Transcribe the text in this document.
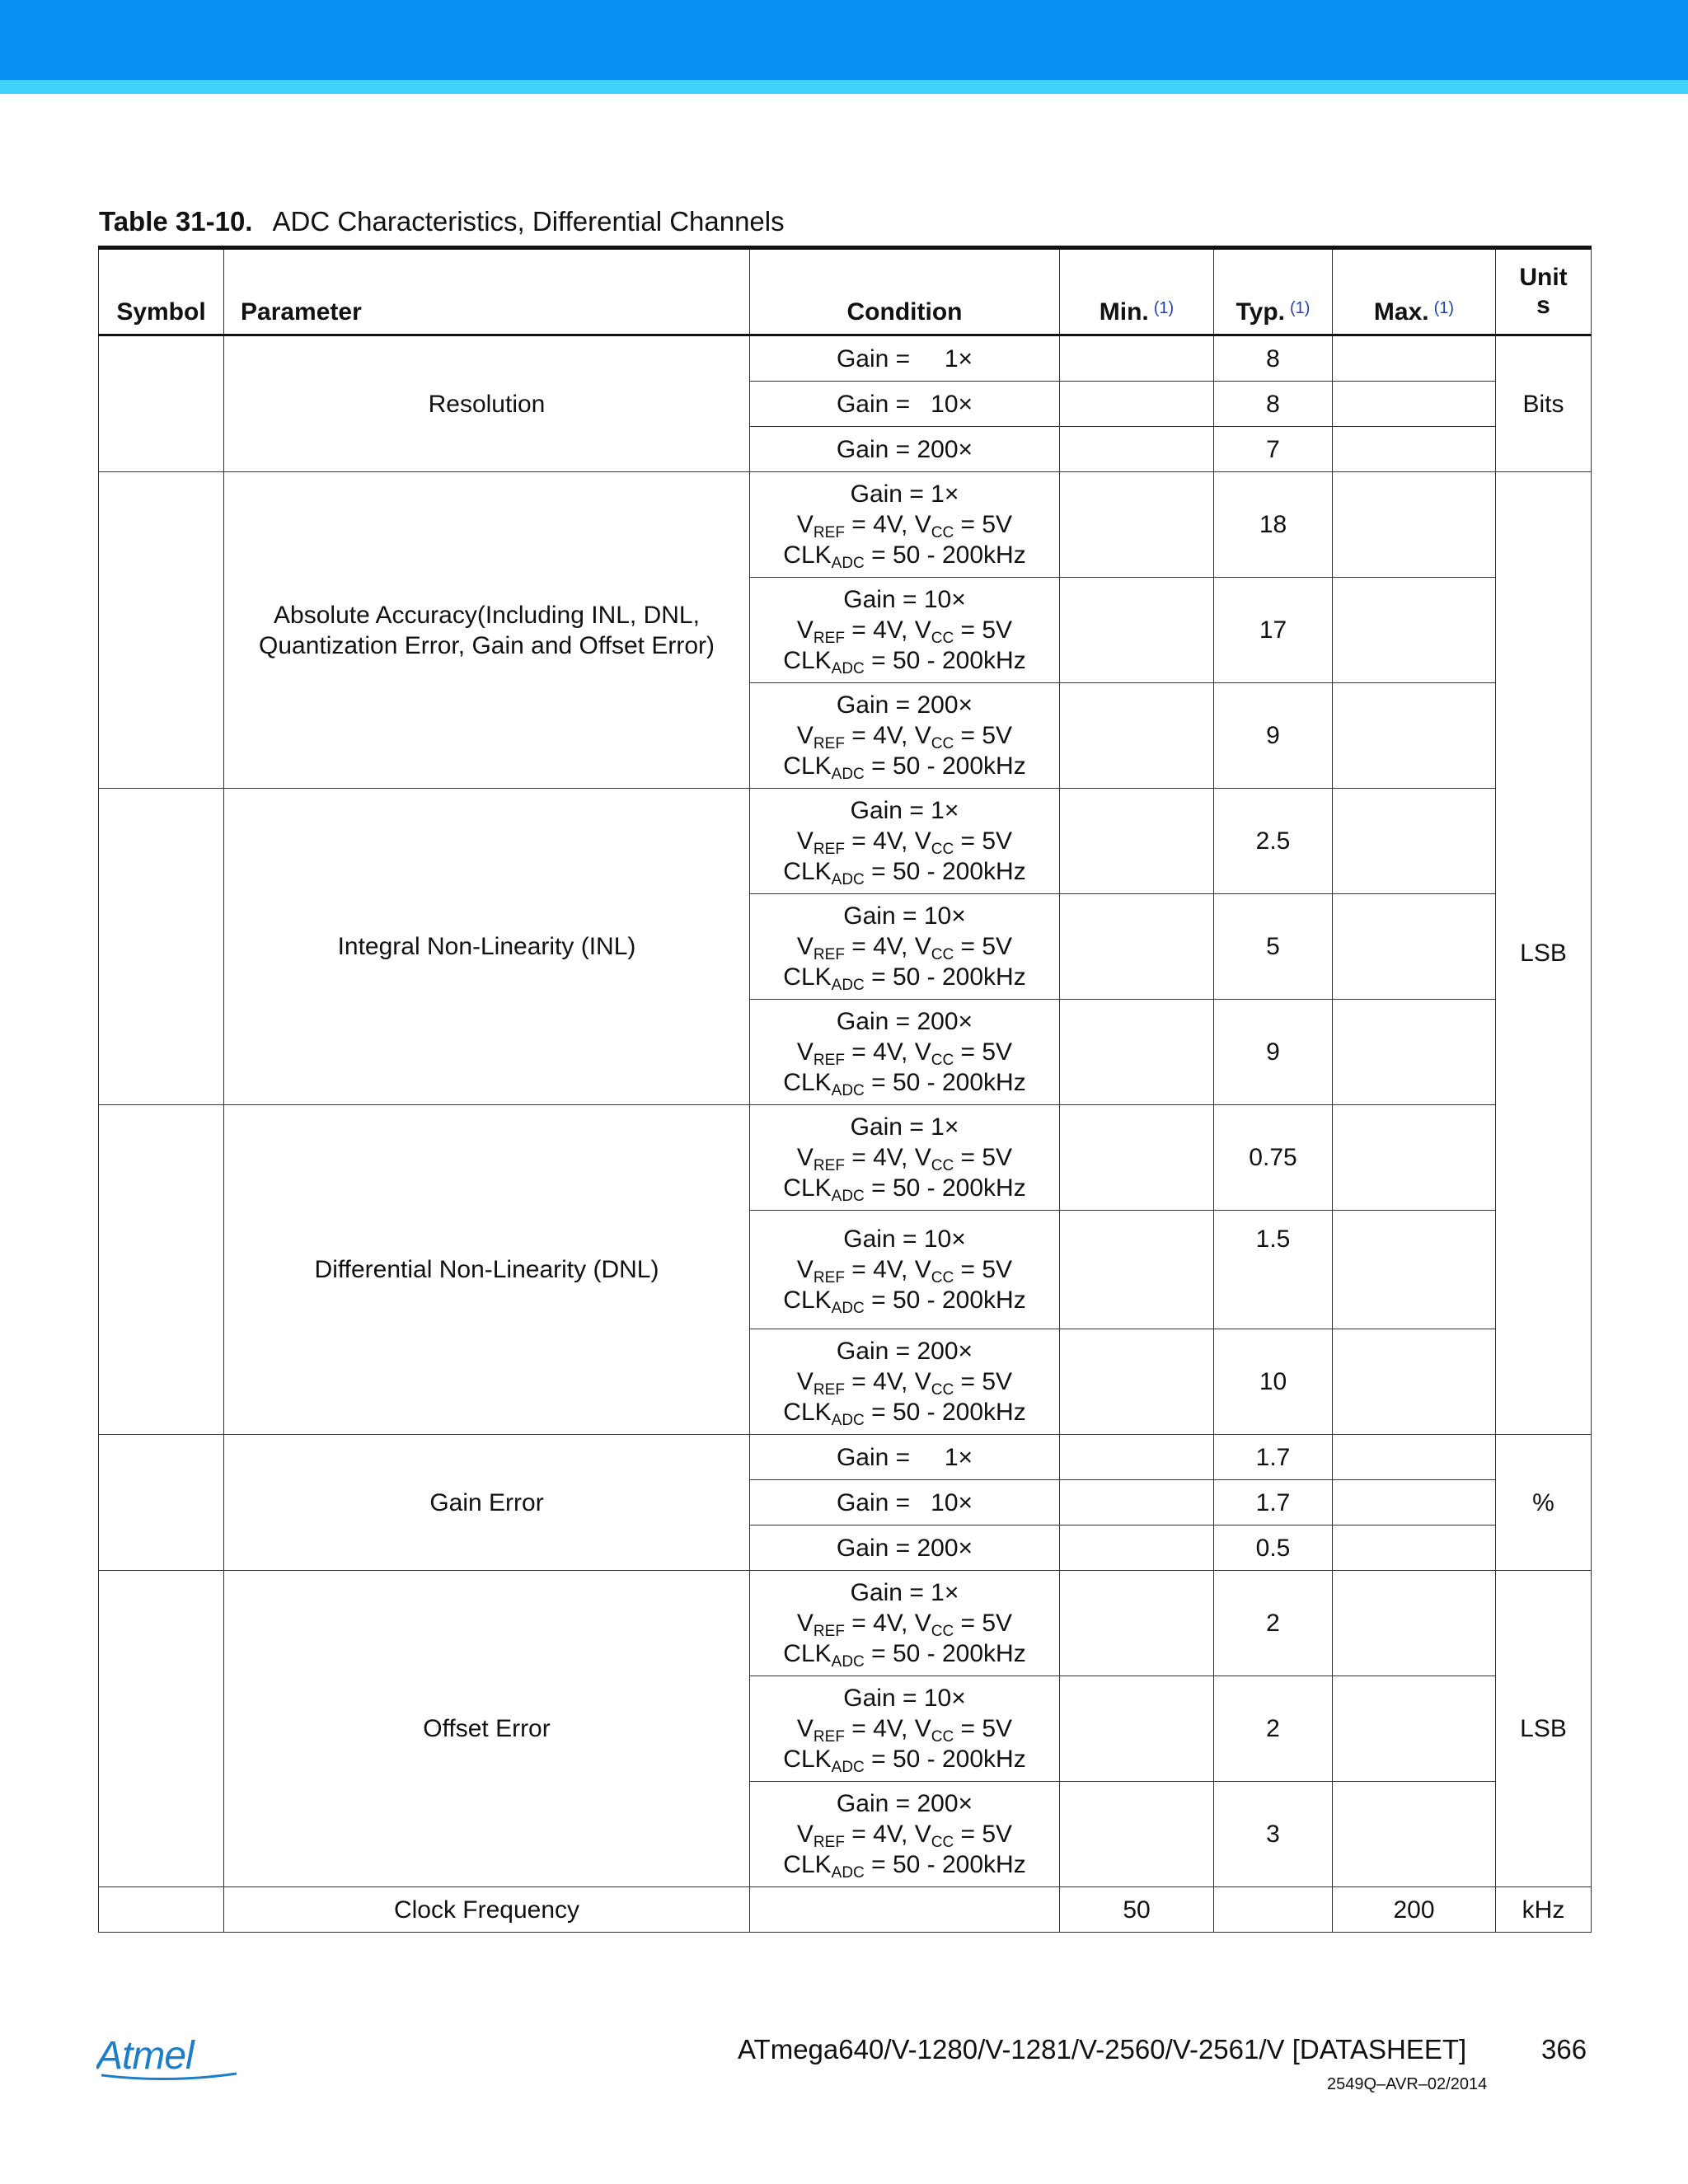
Table 31-10. ADC Characteristics, Differential Channels
Symbol	Parameter	Condition	Min. $^{(1)}$	Typ. $^{(1)}$	Max. $^{(1)}$	Unit
s
	Resolution	Gain =     1×		8		Bits
		Gain =   10×		8		
		Gain = 200×		7		
	Absolute Accuracy(Including INL, DNL,
Quantization Error, Gain and Offset Error)	Gain = 1×
$V_{REF} = 4V$, $V_{CC} = 5V$
$CLK_{ADC} = 50 - 200kHz$		18		LSB
		Gain = 10×
$V_{REF} = 4V$, $V_{CC} = 5V$
$CLK_{ADC} = 50 - 200kHz$		17		
		Gain = 200×
$V_{REF} = 4V$, $V_{CC} = 5V$
$CLK_{ADC} = 50 - 200kHz$		9		
	Integral Non-Linearity (INL)	Gain = 1×
$V_{REF} = 4V$, $V_{CC} = 5V$
$CLK_{ADC} = 50 - 200kHz$		2.5		
		Gain = 10×
$V_{REF} = 4V$, $V_{CC} = 5V$
$CLK_{ADC} = 50 - 200kHz$		5		
		Gain = 200×
$V_{REF} = 4V$, $V_{CC} = 5V$
$CLK_{ADC} = 50 - 200kHz$		9		
	Differential Non-Linearity (DNL)	Gain = 1×
$V_{REF} = 4V$, $V_{CC} = 5V$
$CLK_{ADC} = 50 - 200kHz$		0.75		
		Gain = 10×
$V_{REF} = 4V$, $V_{CC} = 5V$
$CLK_{ADC} = 50 - 200kHz$		1.5		
		Gain = 200×
$V_{REF} = 4V$, $V_{CC} = 5V$
$CLK_{ADC} = 50 - 200kHz$		10		
	Gain Error	Gain =     1×		1.7		%
		Gain =   10×		1.7		
		Gain = 200×		0.5		
	Offset Error	Gain = 1×
$V_{REF} = 4V$, $V_{CC} = 5V$
$CLK_{ADC} = 50 - 200kHz$		2		LSB
		Gain = 10×
$V_{REF} = 4V$, $V_{CC} = 5V$
$CLK_{ADC} = 50 - 200kHz$		2		
		Gain = 200×
$V_{REF} = 4V$, $V_{CC} = 5V$
$CLK_{ADC} = 50 - 200kHz$		3		
	Clock Frequency		50		200	kHz
Atmel	ATmega640/V-1280/V-1281/V-2560/V-2561/V [DATASHEET]	366
2549Q–AVR–02/2014
